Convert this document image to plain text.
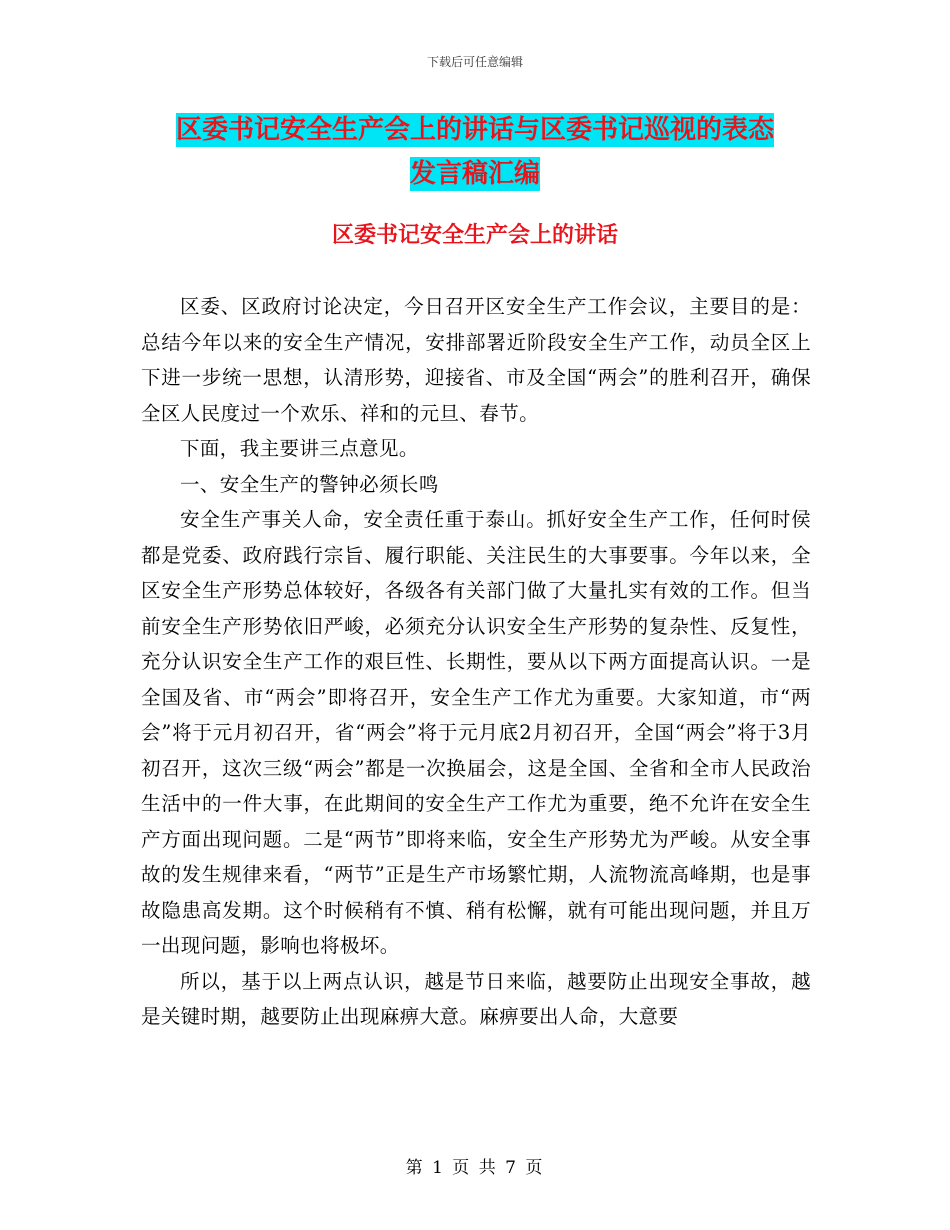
下载后可任意编辑
区委书记安全生产会上的讲话与区委书记巡视的表态
发言稿汇编
区委书记安全生产会上的讲话

区委、区政府讨论决定，今日召开区安全生产工作会议，主要目的是：总结今年以来的安全生产情况，安排部署近阶段安全生产工作，动员全区上下进一步统一思想，认清形势，迎接省、市及全国“两会”的胜利召开，确保全区人民度过一个欢乐、祥和的元旦、春节。

下面，我主要讲三点意见。

一、安全生产的警钟必须长鸣

安全生产事关人命，安全责任重于泰山。抓好安全生产工作，任何时侯都是党委、政府践行宗旨、履行职能、关注民生的大事要事。今年以来，全区安全生产形势总体较好，各级各有关部门做了大量扎实有效的工作。但当前安全生产形势依旧严峻，必须充分认识安全生产形势的复杂性、反复性，充分认识安全生产工作的艰巨性、长期性，要从以下两方面提高认识。一是全国及省、市“两会”即将召开，安全生产工作尤为重要。大家知道，市“两会”将于元月初召开，省“两会”将于元月底2月初召开，全国“两会”将于3月初召开，这次三级“两会”都是一次换届会，这是全国、全省和全市人民政治生活中的一件大事，在此期间的安全生产工作尤为重要，绝不允许在安全生产方面出现问题。二是“两节”即将来临，安全生产形势尤为严峻。从安全事故的发生规律来看，“两节”正是生产市场繁忙期，人流物流高峰期，也是事故隐患高发期。这个时候稍有不慎、稍有松懈，就有可能出现问题，并且万一出现问题，影响也将极坏。

所以，基于以上两点认识，越是节日来临，越要防止出现安全事故，越是关键时期，越要防止出现麻痹大意。麻痹要出人命，大意要

第 1 页 共 7 页
